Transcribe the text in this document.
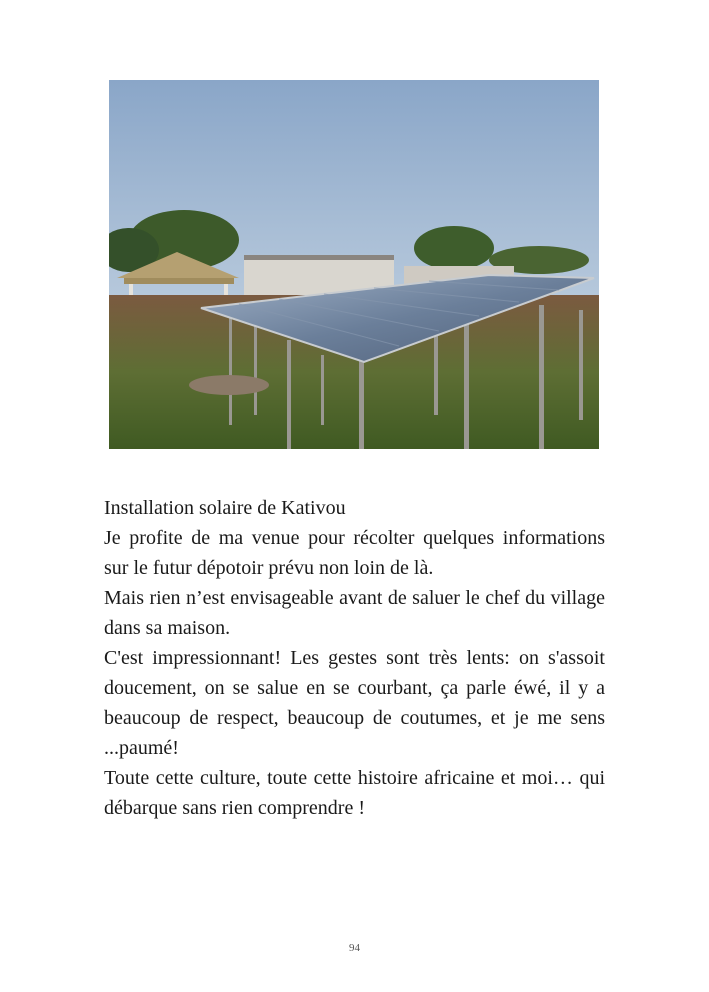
Installation solaire de Kativou

Je profite de ma venue pour récolter quelques informations sur le futur dépotoir prévu non loin de là.

Mais rien n’est envisageable avant de saluer le chef du village dans sa maison.

C'est impressionnant! Les gestes sont très lents: on s'assoit doucement, on se salue en se courbant, ça parle éwé, il y a beaucoup de respect, beaucoup de coutumes, et je me sens ...paumé!

Toute cette culture, toute cette histoire africaine et moi… qui débarque sans rien comprendre !

94
